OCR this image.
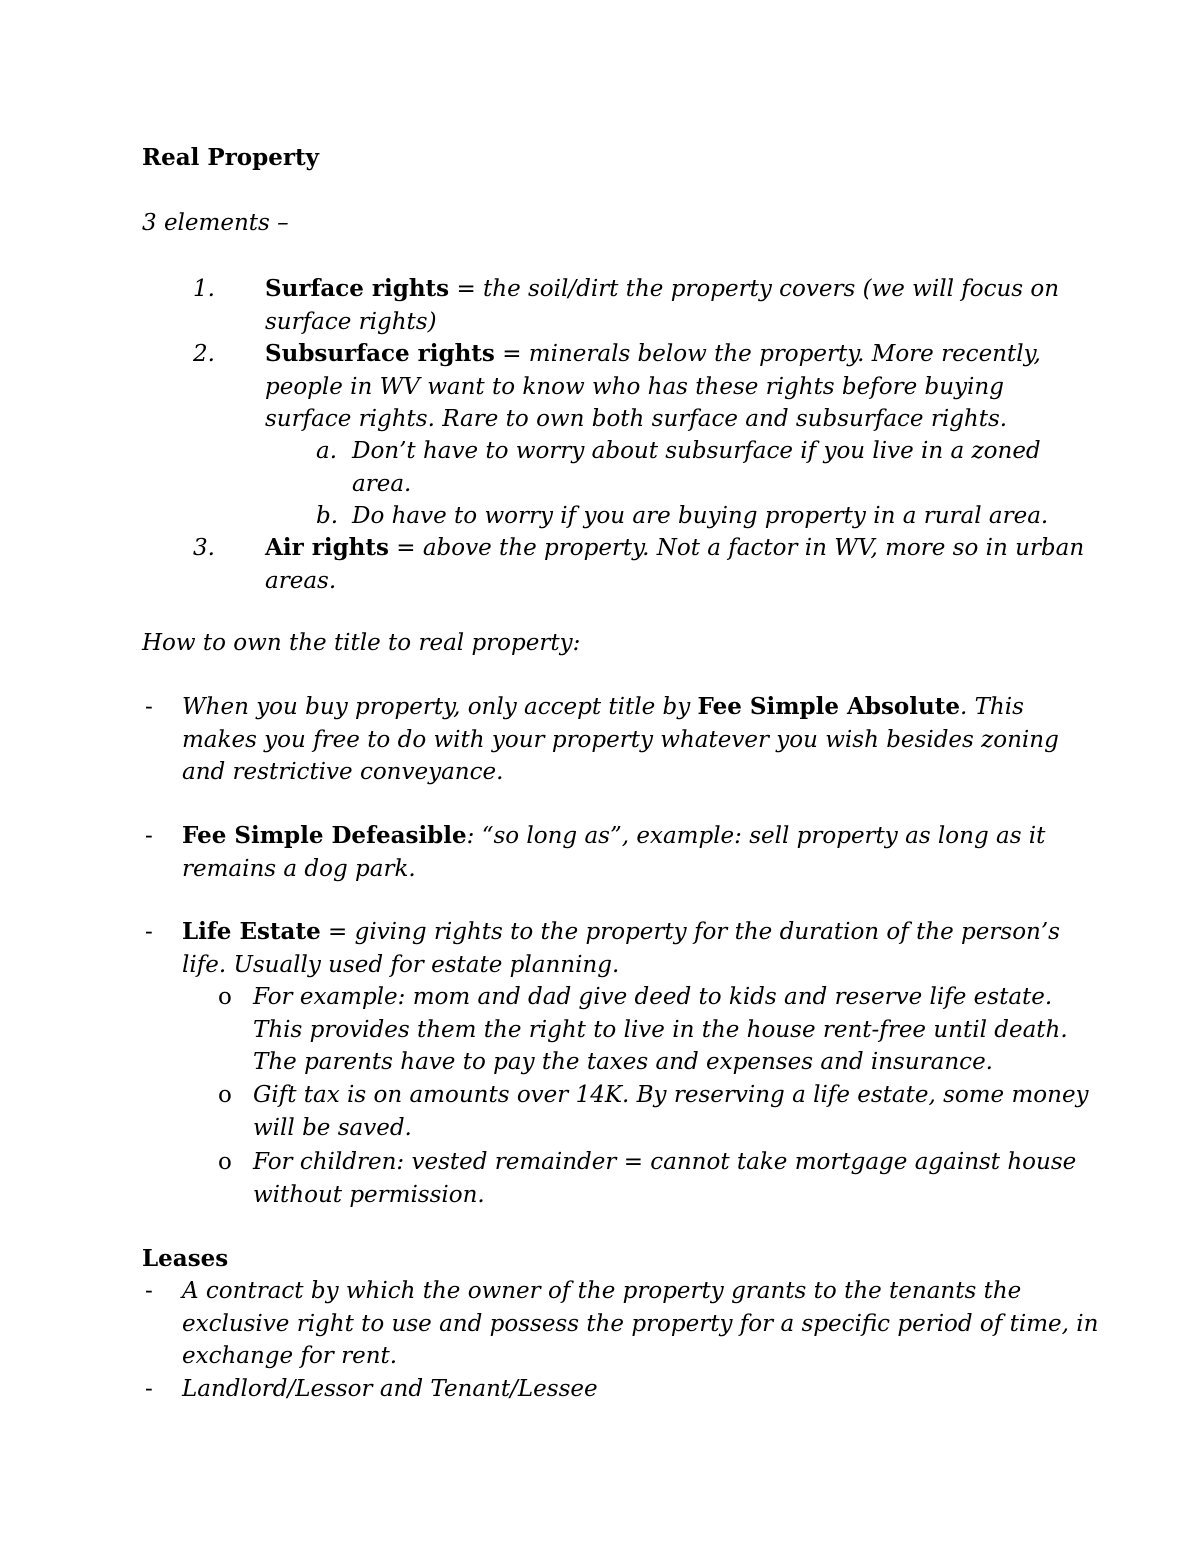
Real Property
3 elements –
1. Surface rights = the soil/dirt the property covers (we will focus on
surface rights)
2. Subsurface rights = minerals below the property. More recently,
people in WV want to know who has these rights before buying
surface rights. Rare to own both surface and subsurface rights.
a. Don’t have to worry about subsurface if you live in a zoned
area.
b. Do have to worry if you are buying property in a rural area.
3. Air rights = above the property. Not a factor in WV, more so in urban
areas.
How to own the title to real property:
- When you buy property, only accept title by Fee Simple Absolute. This
makes you free to do with your property whatever you wish besides zoning
and restrictive conveyance.
- Fee Simple Defeasible: “so long as”, example: sell property as long as it
remains a dog park.
- Life Estate = giving rights to the property for the duration of the person’s
life. Usually used for estate planning.
o For example: mom and dad give deed to kids and reserve life estate.
This provides them the right to live in the house rent-free until death.
The parents have to pay the taxes and expenses and insurance.
o Gift tax is on amounts over 14K. By reserving a life estate, some money
will be saved.
o For children: vested remainder = cannot take mortgage against house
without permission.
Leases
- A contract by which the owner of the property grants to the tenants the
exclusive right to use and possess the property for a specific period of time, in
exchange for rent.
- Landlord/Lessor and Tenant/Lessee
